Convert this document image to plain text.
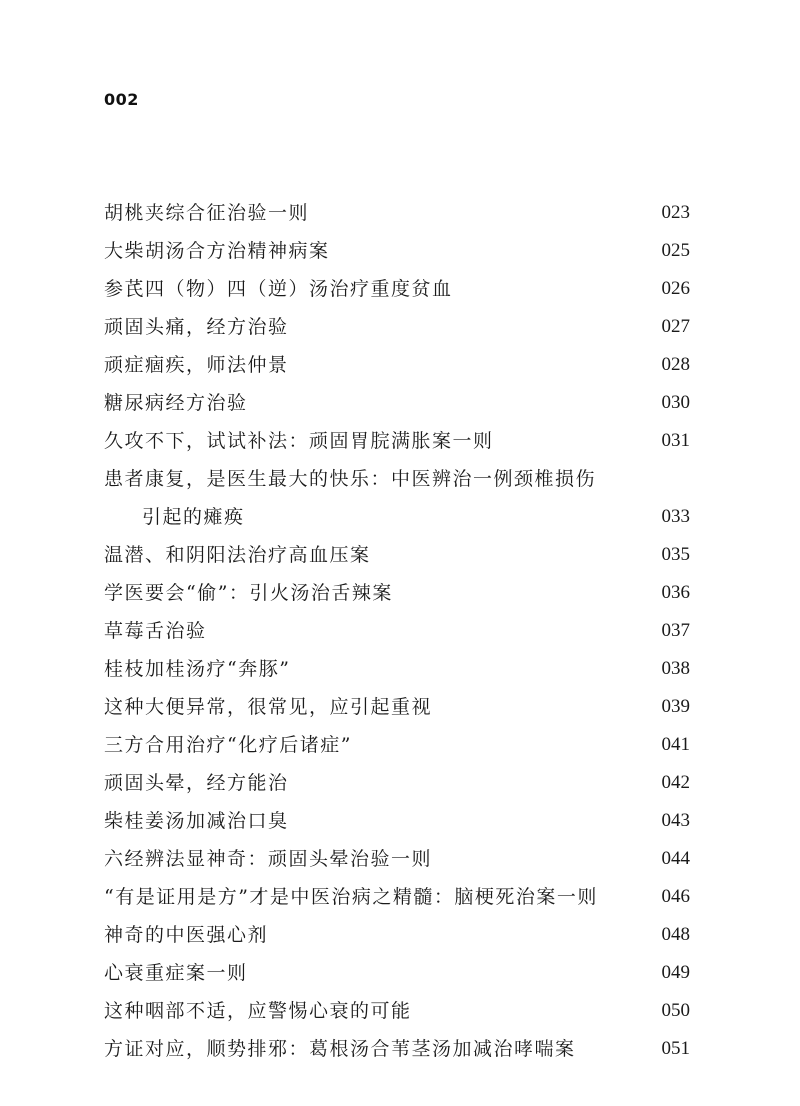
002
胡桃夹综合征治验一则	023
大柴胡汤合方治精神病案	025
参芪四（物）四（逆）汤治疗重度贫血	026
顽固头痛，经方治验	027
顽症痼疾，师法仲景	028
糖尿病经方治验	030
久攻不下，试试补法：顽固胃脘满胀案一则	031
患者康复，是医生最大的快乐：中医辨治一例颈椎损伤
引起的瘫痪	033
温潜、和阴阳法治疗高血压案	035
学医要会“偷”：引火汤治舌辣案	036
草莓舌治验	037
桂枝加桂汤疗“奔豚”	038
这种大便异常，很常见，应引起重视	039
三方合用治疗“化疗后诸症”	041
顽固头晕，经方能治	042
柴桂姜汤加减治口臭	043
六经辨法显神奇：顽固头晕治验一则	044
“有是证用是方”才是中医治病之精髓：脑梗死治案一则	046
神奇的中医强心剂	048
心衰重症案一则	049
这种咽部不适，应警惕心衰的可能	050
方证对应，顺势排邪：葛根汤合苇茎汤加减治哮喘案	051
